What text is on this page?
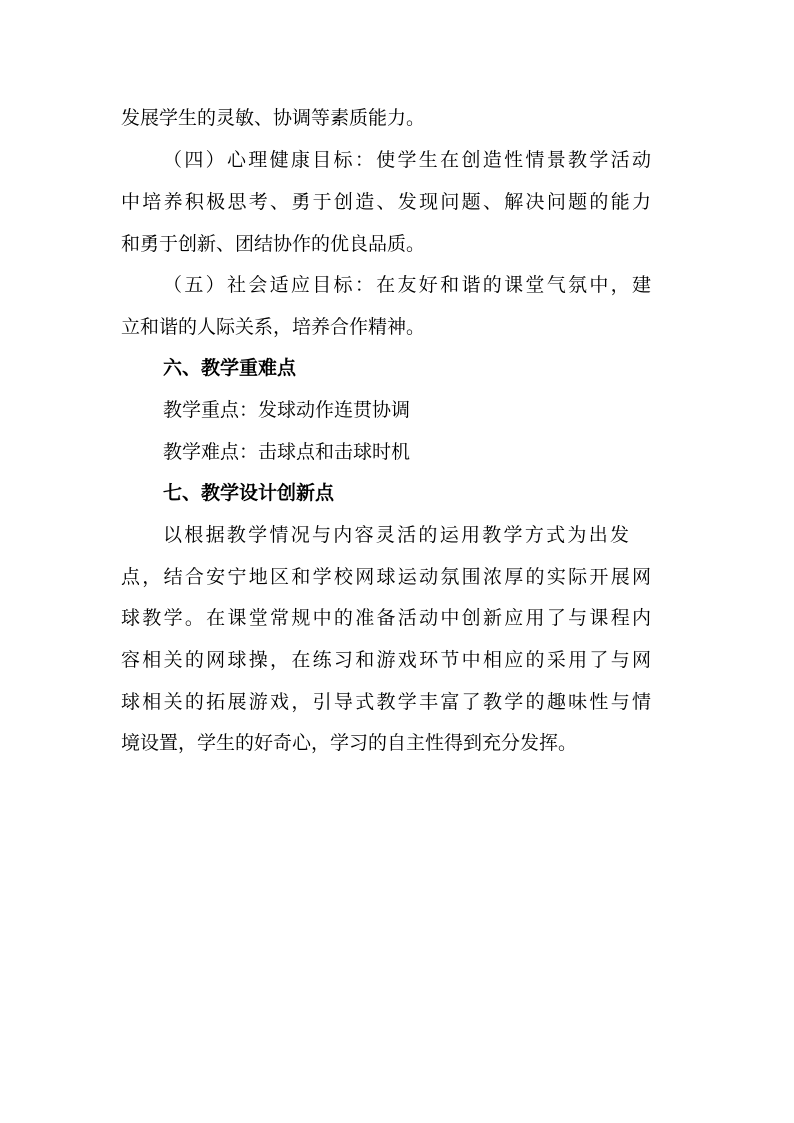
发展学生的灵敏、协调等素质能力。
（四）心理健康目标：使学生在创造性情景教学活动
中培养积极思考、勇于创造、发现问题、解决问题的能力
和勇于创新、团结协作的优良品质。
（五）社会适应目标：在友好和谐的课堂气氛中，建
立和谐的人际关系，培养合作精神。
六、教学重难点
教学重点：发球动作连贯协调
教学难点：击球点和击球时机
七、教学设计创新点
以根据教学情况与内容灵活的运用教学方式为出发
点，结合安宁地区和学校网球运动氛围浓厚的实际开展网
球教学。在课堂常规中的准备活动中创新应用了与课程内
容相关的网球操，在练习和游戏环节中相应的采用了与网
球相关的拓展游戏，引导式教学丰富了教学的趣味性与情
境设置，学生的好奇心，学习的自主性得到充分发挥。
